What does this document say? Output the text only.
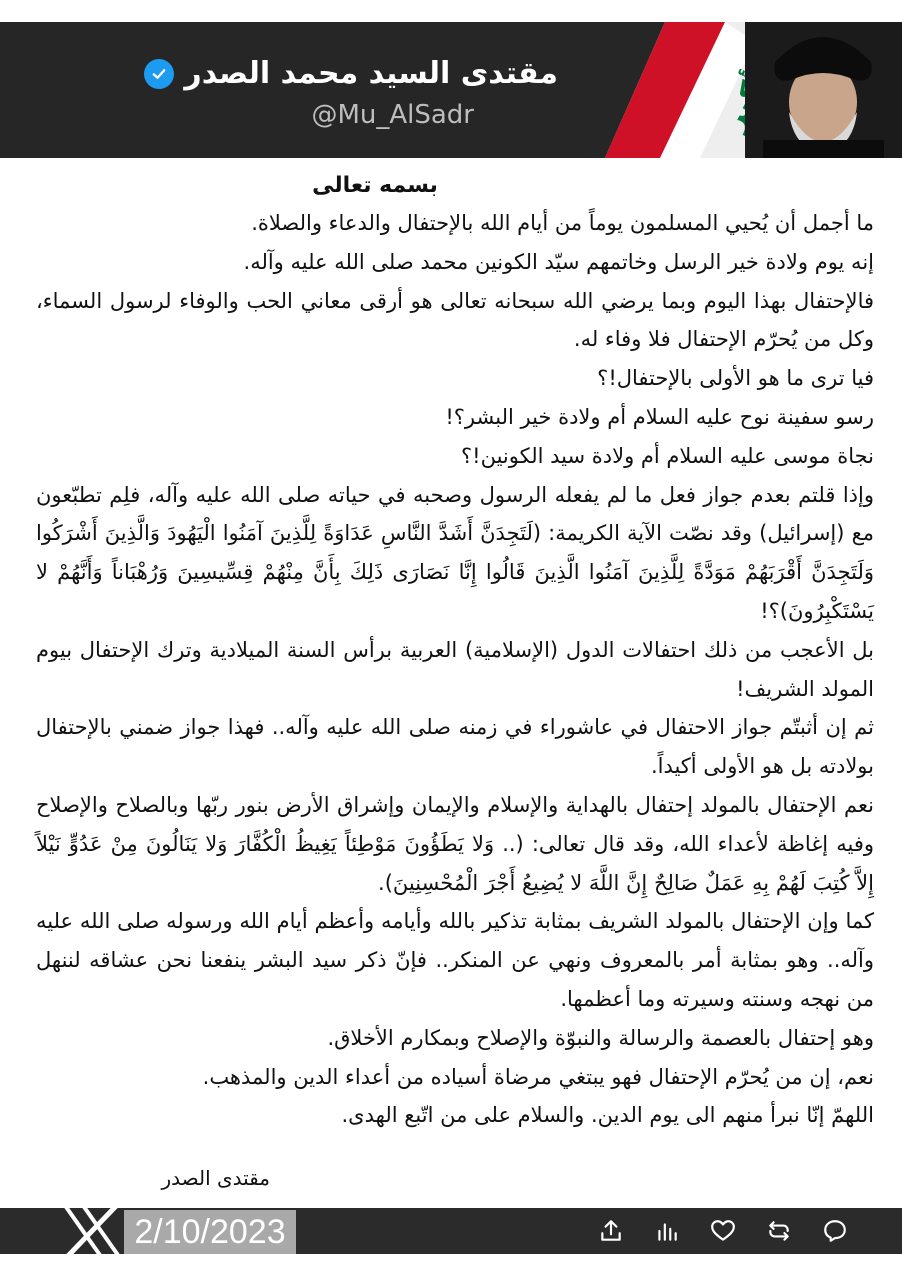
مقتدى السيد محمد الصدر
@Mu_AlSadr
بسمه تعالى

ما أجمل أن يُحيي المسلمون يوماً من أيام الله بالإحتفال والدعاء والصلاة.

إنه يوم ولادة خير الرسل وخاتمهم سيّد الكونين محمد صلى الله عليه وآله.

فالإحتفال بهذا اليوم وبما يرضي الله سبحانه تعالى هو أرقى معاني الحب والوفاء لرسول السماء، وكل من يُحرّم الإحتفال فلا وفاء له.

فيا ترى ما هو الأولى بالإحتفال!؟

رسو سفينة نوح عليه السلام أم ولادة خير البشر؟!

نجاة موسى عليه السلام أم ولادة سيد الكونين!؟

وإذا قلتم بعدم جواز فعل ما لم يفعله الرسول وصحبه في حياته صلى الله عليه وآله، فلِم تطبّعون مع (إسرائيل) وقد نصّت الآية الكريمة: (لَتَجِدَنَّ أَشَدَّ النَّاسِ عَدَاوَةً لِلَّذِينَ آمَنُوا الْيَهُودَ وَالَّذِينَ أَشْرَكُوا وَلَتَجِدَنَّ أَقْرَبَهُمْ مَوَدَّةً لِلَّذِينَ آمَنُوا الَّذِينَ قَالُوا إِنَّا نَصَارَى ذَلِكَ بِأَنَّ مِنْهُمْ قِسِّيسِينَ وَرُهْبَاناً وَأَنَّهُمْ لا يَسْتَكْبِرُونَ)؟!

بل الأعجب من ذلك احتفالات الدول (الإسلامية) العربية برأس السنة الميلادية وترك الإحتفال بيوم المولد الشريف!

ثم إن أثبتّم جواز الاحتفال في عاشوراء في زمنه صلى الله عليه وآله.. فهذا جواز ضمني بالإحتفال بولادته بل هو الأولى أكيداً.

نعم الإحتفال بالمولد إحتفال بالهداية والإسلام والإيمان وإشراق الأرض بنور ربّها وبالصلاح والإصلاح وفيه إغاظة لأعداء الله، وقد قال تعالى: (.. وَلا يَطَؤُونَ مَوْطِئاً يَغِيظُ الْكُفَّارَ وَلا يَنَالُونَ مِنْ عَدُوٍّ نَيْلاً إِلاَّ كُتِبَ لَهُمْ بِهِ عَمَلٌ صَالِحٌ إِنَّ اللَّهَ لا يُضِيعُ أَجْرَ الْمُحْسِنِينَ).

كما وإن الإحتفال بالمولد الشريف بمثابة تذكير بالله وأيامه وأعظم أيام الله ورسوله صلى الله عليه وآله.. وهو بمثابة أمر بالمعروف ونهي عن المنكر.. فإنّ ذكر سيد البشر ينفعنا نحن عشاقه لننهل من نهجه وسنته وسيرته وما أعظمها.

وهو إحتفال بالعصمة والرسالة والنبوّة والإصلاح وبمكارم الأخلاق.

نعم، إن من يُحرّم الإحتفال فهو يبتغي مرضاة أسياده من أعداء الدين والمذهب.

اللهمّ إنّا نبرأ منهم الى يوم الدين. والسلام على من اتّبع الهدى.

مقتدى الصدر
2/10/2023
